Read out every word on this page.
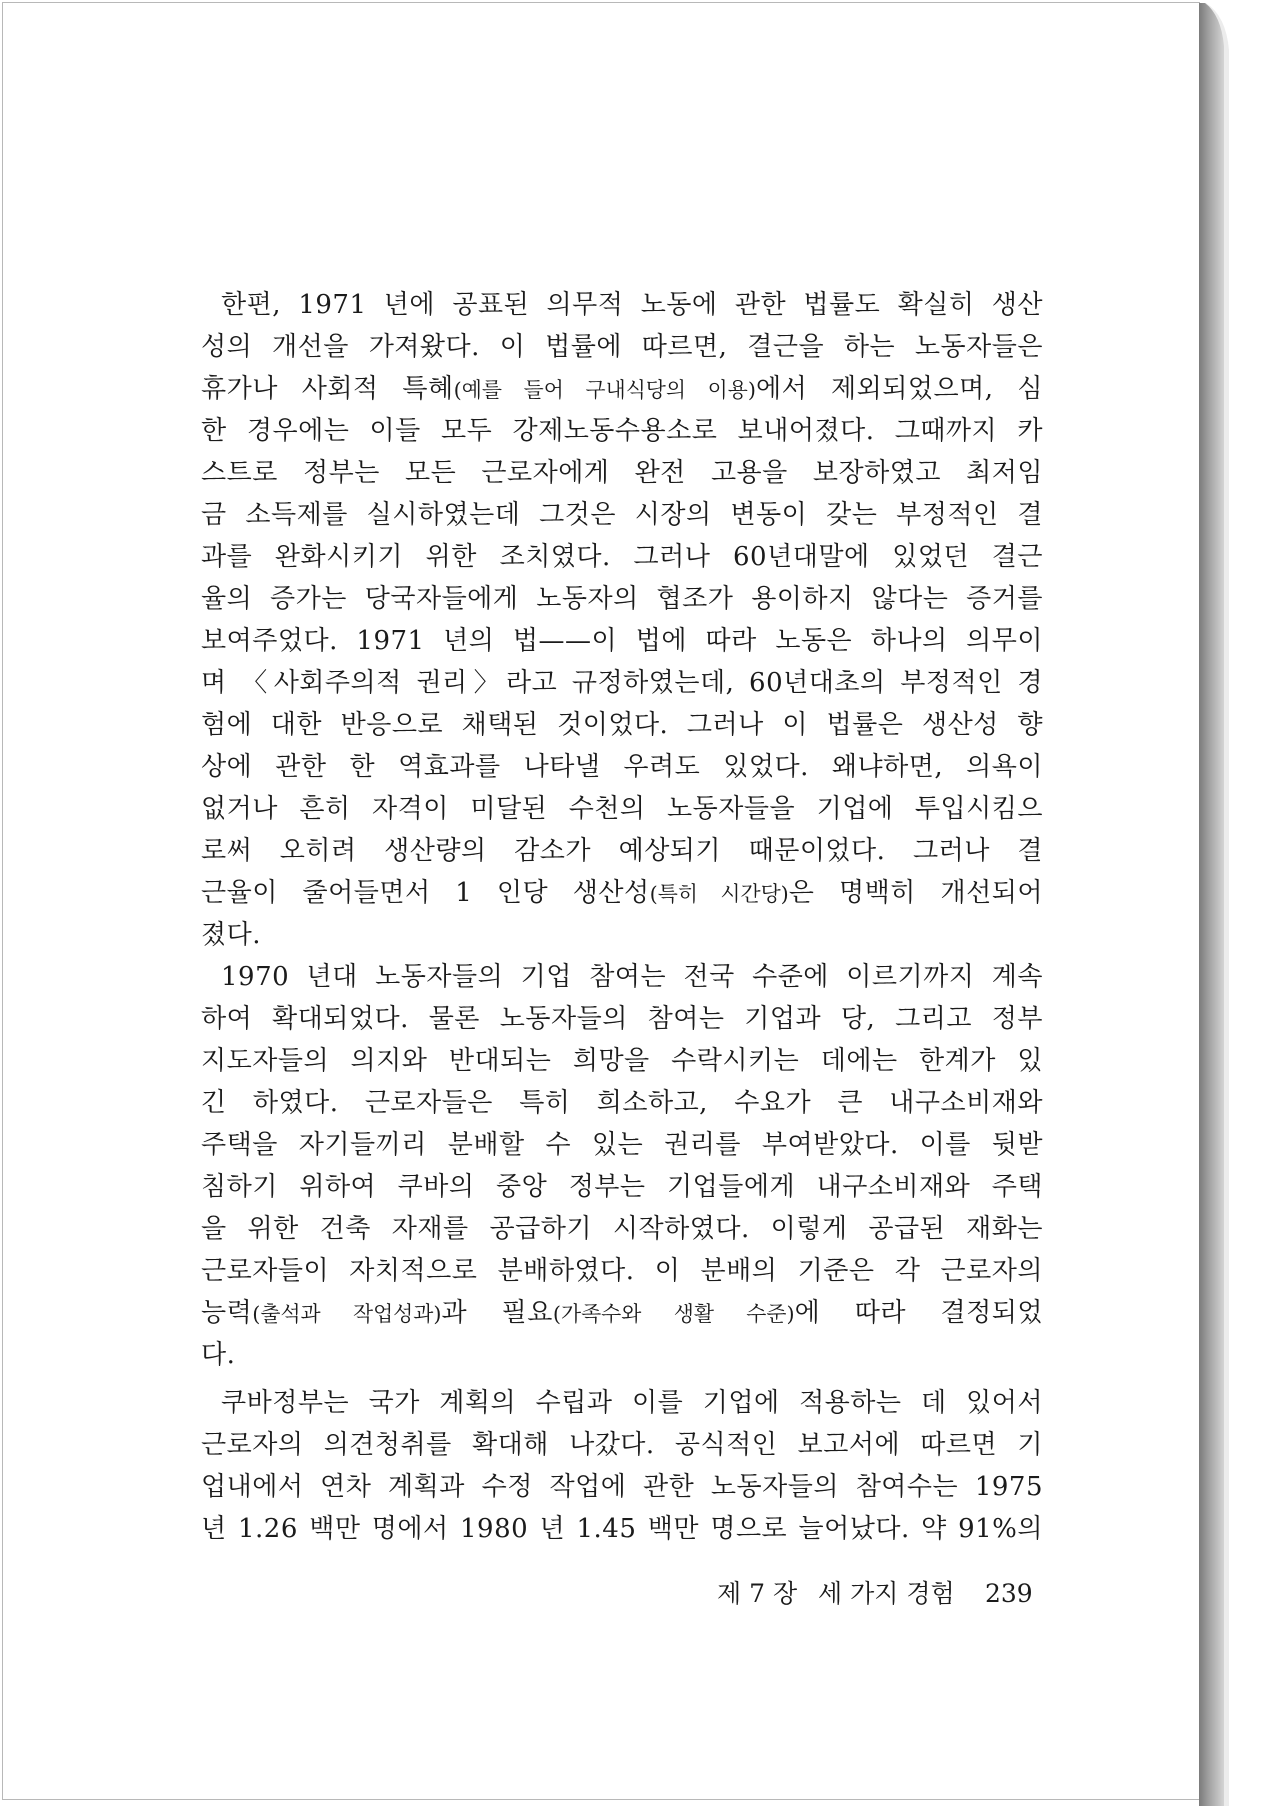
한편, 1971 년에 공표된 의무적 노동에 관한 법률도 확실히 생산
성의 개선을 가져왔다. 이 법률에 따르면, 결근을 하는 노동자들은
휴가나 사회적 특혜(예를 들어 구내식당의 이용)에서 제외되었으며, 심
한 경우에는 이들 모두 강제노동수용소로 보내어졌다. 그때까지 카
스트로 정부는 모든 근로자에게 완전 고용을 보장하였고 최저임
금 소득제를 실시하였는데 그것은 시장의 변동이 갖는 부정적인 결
과를 완화시키기 위한 조치였다. 그러나 60년대말에 있었던 결근
율의 증가는 당국자들에게 노동자의 협조가 용이하지 않다는 증거를
보여주었다. 1971 년의 법——이 법에 따라 노동은 하나의 의무이
며 〈사회주의적 권리〉라고 규정하였는데, 60년대초의 부정적인 경
험에 대한 반응으로 채택된 것이었다. 그러나 이 법률은 생산성 향
상에 관한 한 역효과를 나타낼 우려도 있었다. 왜냐하면, 의욕이
없거나 흔히 자격이 미달된 수천의 노동자들을 기업에 투입시킴으
로써 오히려 생산량의 감소가 예상되기 때문이었다. 그러나 결
근율이 줄어들면서 1 인당 생산성(특히 시간당)은 명백히 개선되어
졌다.
1970 년대 노동자들의 기업 참여는 전국 수준에 이르기까지 계속
하여 확대되었다. 물론 노동자들의 참여는 기업과 당, 그리고 정부
지도자들의 의지와 반대되는 희망을 수락시키는 데에는 한계가 있
긴 하였다. 근로자들은 특히 희소하고, 수요가 큰 내구소비재와
주택을 자기들끼리 분배할 수 있는 권리를 부여받았다. 이를 뒷받
침하기 위하여 쿠바의 중앙 정부는 기업들에게 내구소비재와 주택
을 위한 건축 자재를 공급하기 시작하였다. 이렇게 공급된 재화는
근로자들이 자치적으로 분배하였다. 이 분배의 기준은 각 근로자의
능력(출석과 작업성과)과 필요(가족수와 생활 수준)에 따라 결정되었
다.
쿠바정부는 국가 계획의 수립과 이를 기업에 적용하는 데 있어서
근로자의 의견청취를 확대해 나갔다. 공식적인 보고서에 따르면 기
업내에서 연차 계획과 수정 작업에 관한 노동자들의 참여수는 1975
년 1.26 백만 명에서 1980 년 1.45 백만 명으로 늘어났다. 약 91%의
제 7 장 세 가지 경험 239
